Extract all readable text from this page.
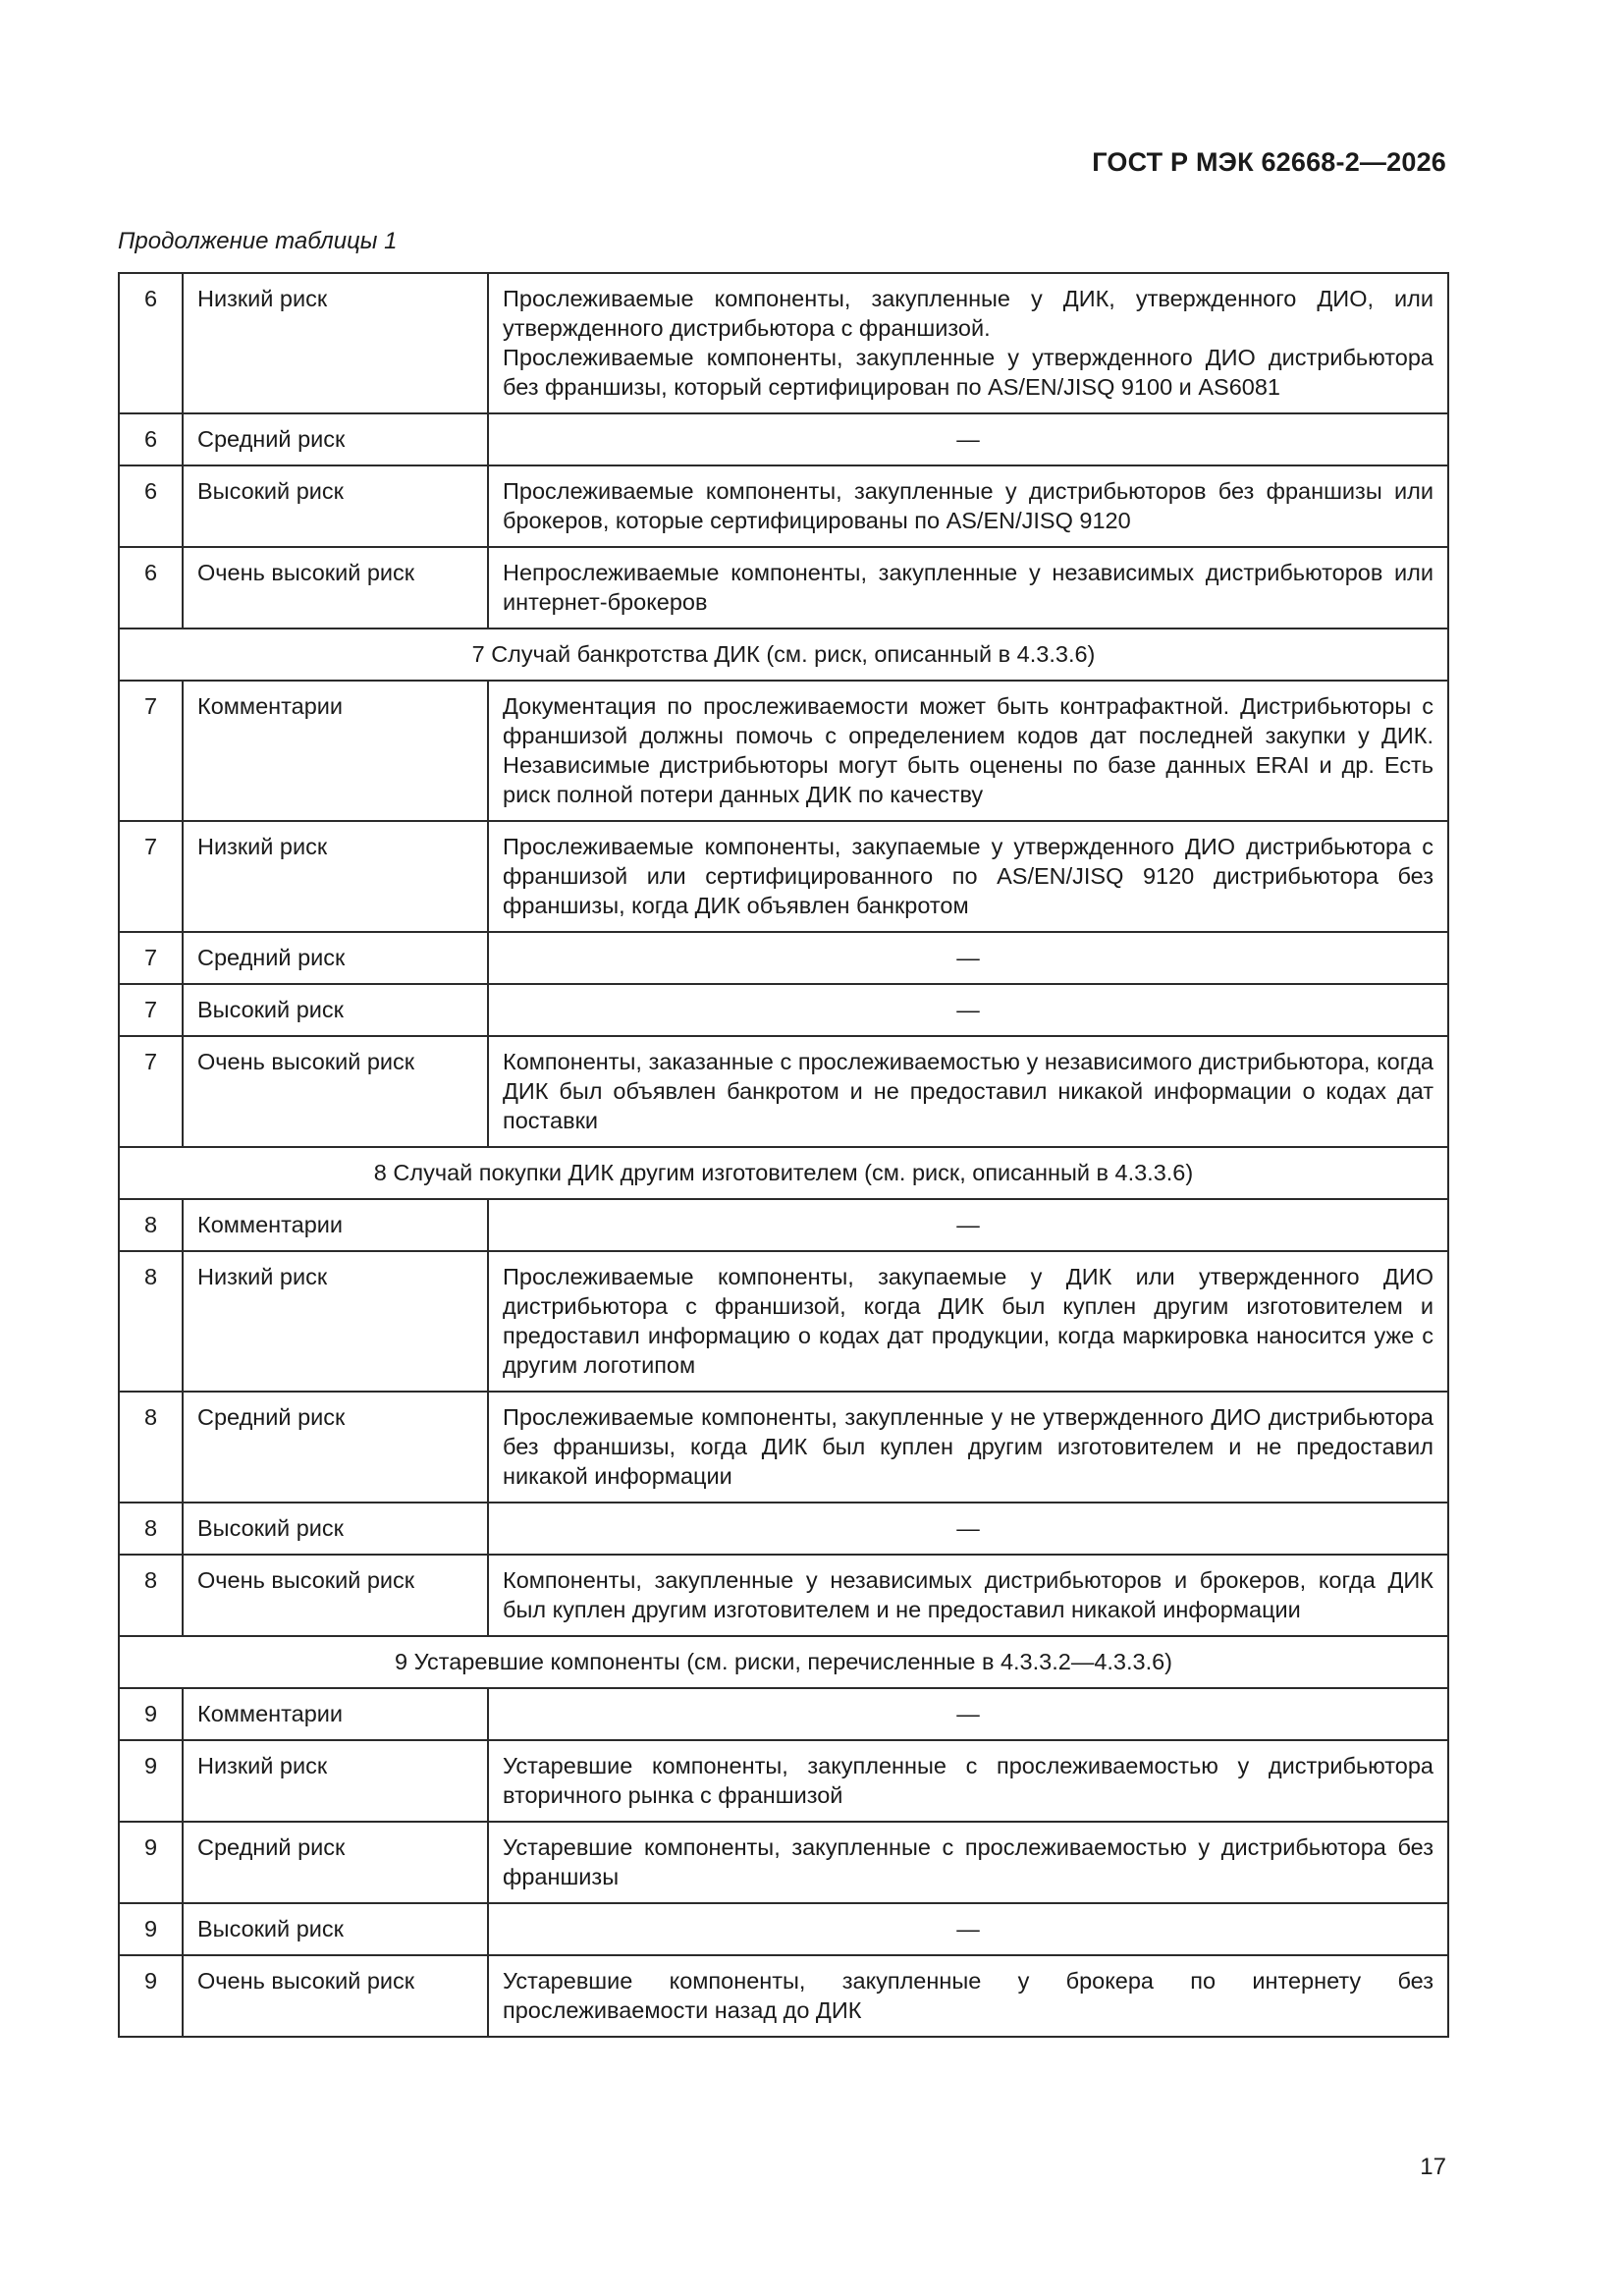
ГОСТ Р МЭК 62668-2—2026
Продолжение таблицы 1
6	Низкий риск	Прослеживаемые компоненты, закупленные у ДИК, утвержденного ДИО, или утвержденного дистрибьютора с франшизой.
Прослеживаемые компоненты, закупленные у утвержденного ДИО дистрибьютора без франшизы, который сертифицирован по AS/EN/JISQ 9100 и AS6081
6	Средний риск	—
6	Высокий риск	Прослеживаемые компоненты, закупленные у дистрибьюторов без франшизы или брокеров, которые сертифицированы по AS/EN/JISQ 9120
6	Очень высокий риск	Непрослеживаемые компоненты, закупленные у независимых дистрибьюторов или интернет-брокеров
7 Случай банкротства ДИК (см. риск, описанный в 4.3.3.6)		
7	Комментарии	Документация по прослеживаемости может быть контрафактной. Дистрибьюторы с франшизой должны помочь с определением кодов дат последней закупки у ДИК. Независимые дистрибьюторы могут быть оценены по базе данных ERAI и др. Есть риск полной потери данных ДИК по качеству
7	Низкий риск	Прослеживаемые компоненты, закупаемые у утвержденного ДИО дистрибьютора с франшизой или сертифицированного по AS/EN/JISQ 9120 дистрибьютора без франшизы, когда ДИК объявлен банкротом
7	Средний риск	—
7	Высокий риск	—
7	Очень высокий риск	Компоненты, заказанные с прослеживаемостью у независимого дистрибьютора, когда ДИК был объявлен банкротом и не предоставил никакой информации о кодах дат поставки
8 Случай покупки ДИК другим изготовителем (см. риск, описанный в 4.3.3.6)		
8	Комментарии	—
8	Низкий риск	Прослеживаемые компоненты, закупаемые у ДИК или утвержденного ДИО дистрибьютора с франшизой, когда ДИК был куплен другим изготовителем и предоставил информацию о кодах дат продукции, когда маркировка наносится уже с другим логотипом
8	Средний риск	Прослеживаемые компоненты, закупленные у не утвержденного ДИО дистрибьютора без франшизы, когда ДИК был куплен другим изготовителем и не предоставил никакой информации
8	Высокий риск	—
8	Очень высокий риск	Компоненты, закупленные у независимых дистрибьюторов и брокеров, когда ДИК был куплен другим изготовителем и не предоставил никакой информации
9 Устаревшие компоненты (см. риски, перечисленные в 4.3.3.2—4.3.3.6)		
9	Комментарии	—
9	Низкий риск	Устаревшие компоненты, закупленные с прослеживаемостью у дистрибьютора вторичного рынка с франшизой
9	Средний риск	Устаревшие компоненты, закупленные с прослеживаемостью у дистрибьютора без франшизы
9	Высокий риск	—
9	Очень высокий риск	Устаревшие компоненты, закупленные у брокера по интернету без прослеживаемости назад до ДИК
17
